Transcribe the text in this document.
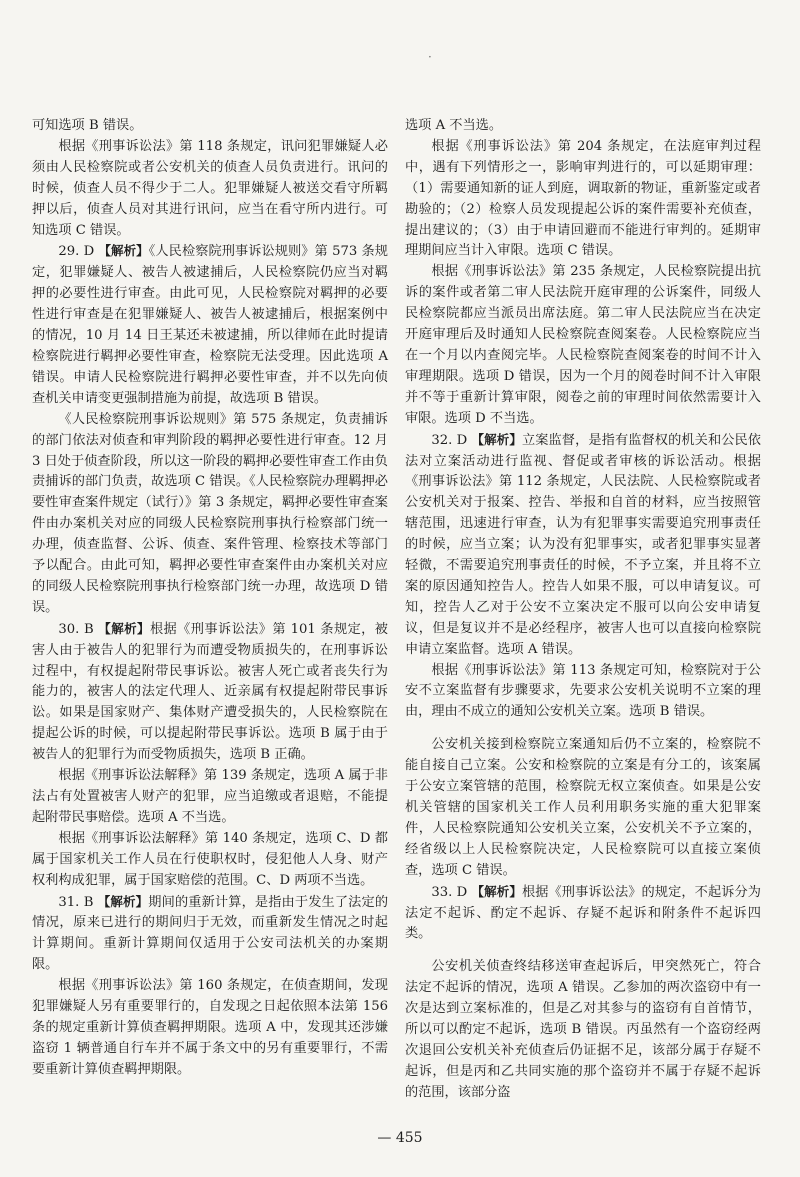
·

可知选项 B 错误。

根据《刑事诉讼法》第 118 条规定，讯问犯罪嫌疑人必须由人民检察院或者公安机关的侦查人员负责进行。讯问的时候，侦查人员不得少于二人。犯罪嫌疑人被送交看守所羁押以后，侦查人员对其进行讯问，应当在看守所内进行。可知选项 C 错误。

29. D 【解析】《人民检察院刑事诉讼规则》第 573 条规定，犯罪嫌疑人、被告人被逮捕后，人民检察院仍应当对羁押的必要性进行审查。由此可见，人民检察院对羁押的必要性进行审查是在犯罪嫌疑人、被告人被逮捕后，根据案例中的情况，10 月 14 日王某还未被逮捕，所以律师在此时提请检察院进行羁押必要性审查，检察院无法受理。因此选项 A 错误。申请人民检察院进行羁押必要性审查，并不以先向侦查机关申请变更强制措施为前提，故选项 B 错误。

《人民检察院刑事诉讼规则》第 575 条规定，负责捕诉的部门依法对侦查和审判阶段的羁押必要性进行审查。12 月 3 日处于侦查阶段，所以这一阶段的羁押必要性审查工作由负责捕诉的部门负责，故选项 C 错误。《人民检察院办理羁押必要性审查案件规定（试行）》第 3 条规定，羁押必要性审查案件由办案机关对应的同级人民检察院刑事执行检察部门统一办理，侦查监督、公诉、侦查、案件管理、检察技术等部门予以配合。由此可知，羁押必要性审查案件由办案机关对应的同级人民检察院刑事执行检察部门统一办理，故选项 D 错误。

30. B 【解析】根据《刑事诉讼法》第 101 条规定，被害人由于被告人的犯罪行为而遭受物质损失的，在刑事诉讼过程中，有权提起附带民事诉讼。被害人死亡或者丧失行为能力的，被害人的法定代理人、近亲属有权提起附带民事诉讼。如果是国家财产、集体财产遭受损失的，人民检察院在提起公诉的时候，可以提起附带民事诉讼。选项 B 属于由于被告人的犯罪行为而受物质损失，选项 B 正确。

根据《刑事诉讼法解释》第 139 条规定，选项 A 属于非法占有处置被害人财产的犯罪，应当追缴或者退赔，不能提起附带民事赔偿。选项 A 不当选。

根据《刑事诉讼法解释》第 140 条规定，选项 C、D 都属于国家机关工作人员在行使职权时，侵犯他人人身、财产权利构成犯罪，属于国家赔偿的范围。C、D 两项不当选。

31. B 【解析】期间的重新计算，是指由于发生了法定的情况，原来已进行的期间归于无效，而重新发生情况之时起计算期间。重新计算期间仅适用于公安司法机关的办案期限。

根据《刑事诉讼法》第 160 条规定，在侦查期间，发现犯罪嫌疑人另有重要罪行的，自发现之日起依照本法第 156 条的规定重新计算侦查羁押期限。选项 A 中，发现其还涉嫌盗窃 1 辆普通自行车并不属于条文中的另有重要罪行，不需要重新计算侦查羁押期限。

选项 A 不当选。

根据《刑事诉讼法》第 204 条规定，在法庭审判过程中，遇有下列情形之一，影响审判进行的，可以延期审理：（1）需要通知新的证人到庭，调取新的物证，重新鉴定或者勘验的；（2）检察人员发现提起公诉的案件需要补充侦查，提出建议的；（3）由于申请回避而不能进行审判的。延期审理期间应当计入审限。选项 C 错误。

根据《刑事诉讼法》第 235 条规定，人民检察院提出抗诉的案件或者第二审人民法院开庭审理的公诉案件，同级人民检察院都应当派员出席法庭。第二审人民法院应当在决定开庭审理后及时通知人民检察院查阅案卷。人民检察院应当在一个月以内查阅完毕。人民检察院查阅案卷的时间不计入审理期限。选项 D 错误，因为一个月的阅卷时间不计入审限并不等于重新计算审限，阅卷之前的审理时间依然需要计入审限。选项 D 不当选。

32. D 【解析】立案监督，是指有监督权的机关和公民依法对立案活动进行监视、督促或者审核的诉讼活动。根据《刑事诉讼法》第 112 条规定，人民法院、人民检察院或者公安机关对于报案、控告、举报和自首的材料，应当按照管辖范围，迅速进行审查，认为有犯罪事实需要追究刑事责任的时候，应当立案；认为没有犯罪事实，或者犯罪事实显著轻微，不需要追究刑事责任的时候，不予立案，并且将不立案的原因通知控告人。控告人如果不服，可以申请复议。可知，控告人乙对于公安不立案决定不服可以向公安申请复议，但是复议并不是必经程序，被害人也可以直接向检察院申请立案监督。选项 A 错误。

根据《刑事诉讼法》第 113 条规定可知，检察院对于公安不立案监督有步骤要求，先要求公安机关说明不立案的理由，理由不成立的通知公安机关立案。选项 B 错误。

公安机关接到检察院立案通知后仍不立案的，检察院不能自接自己立案。公安和检察院的立案是有分工的，该案属于公安立案管辖的范围，检察院无权立案侦查。如果是公安机关管辖的国家机关工作人员利用职务实施的重大犯罪案件，人民检察院通知公安机关立案，公安机关不予立案的，经省级以上人民检察院决定，人民检察院可以直接立案侦查，选项 C 错误。

33. D 【解析】根据《刑事诉讼法》的规定，不起诉分为法定不起诉、酌定不起诉、存疑不起诉和附条件不起诉四类。

公安机关侦查终结移送审查起诉后，甲突然死亡，符合法定不起诉的情况，选项 A 错误。乙参加的两次盗窃中有一次是达到立案标准的，但是乙对其参与的盗窃有自首情节，所以可以酌定不起诉，选项 B 错误。丙虽然有一个盗窃经两次退回公安机关补充侦查后仍证据不足，该部分属于存疑不起诉，但是丙和乙共同实施的那个盗窃并不属于存疑不起诉的范围，该部分盗

— 455
